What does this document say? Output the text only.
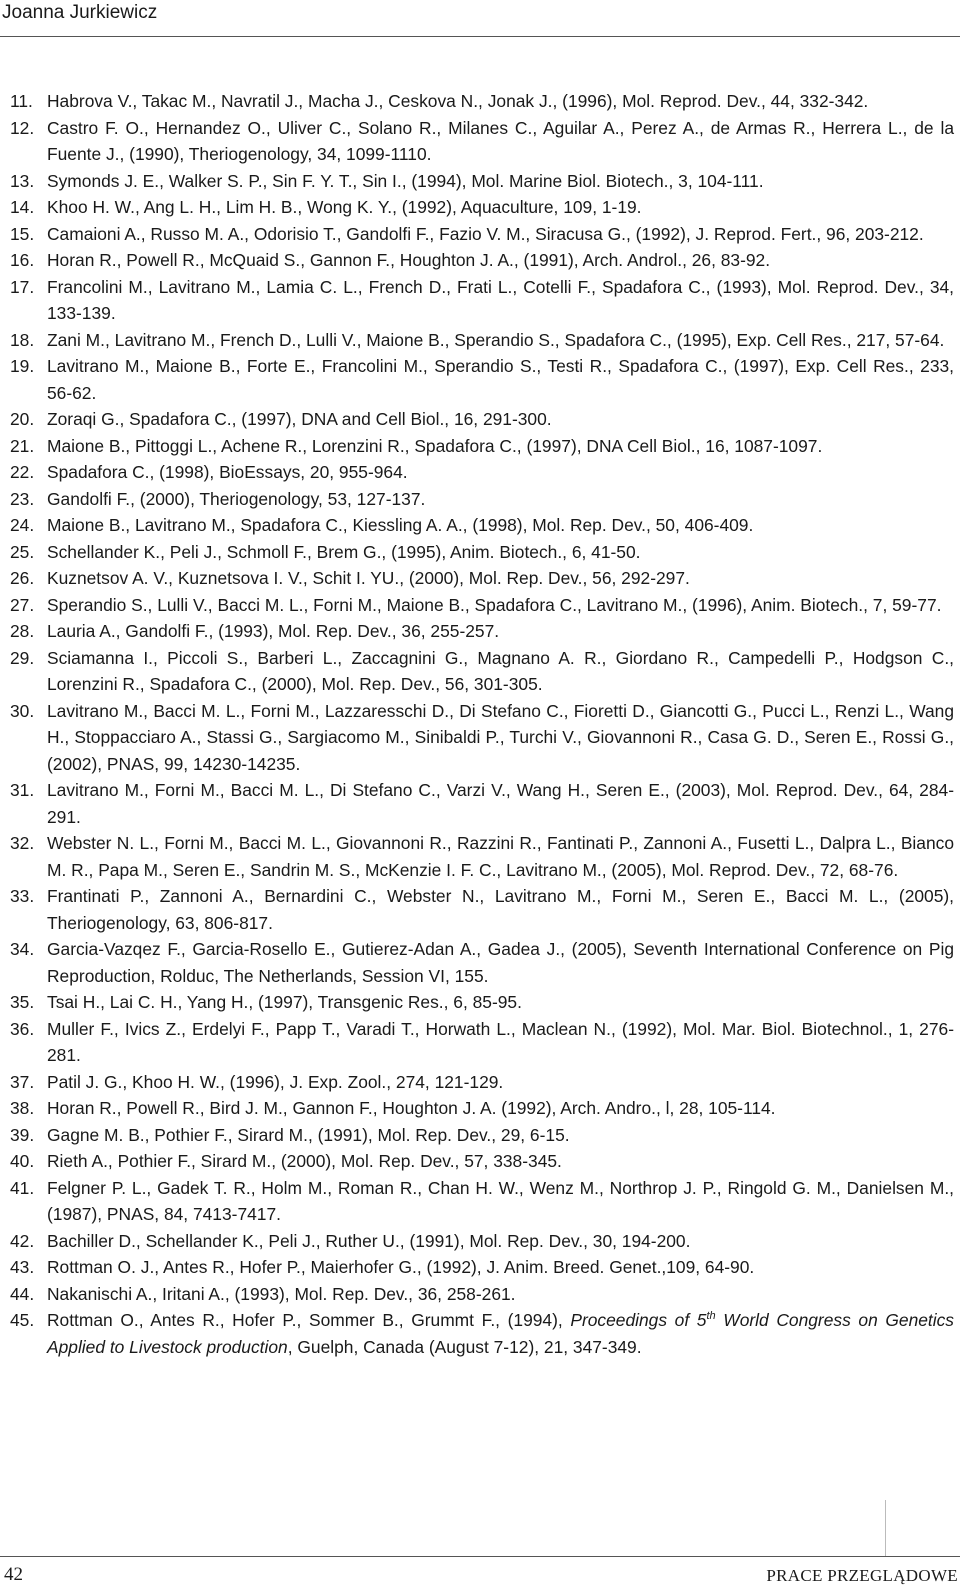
Joanna Jurkiewicz
11. Habrova V., Takac M., Navratil J., Macha J., Ceskova N., Jonak J., (1996), Mol. Reprod. Dev., 44, 332-342.
12. Castro F. O., Hernandez O., Uliver C., Solano R., Milanes C., Aguilar A., Perez A., de Armas R., Herrera L., de la Fuente J., (1990), Theriogenology, 34, 1099-1110.
13. Symonds J. E., Walker S. P., Sin F. Y. T., Sin I., (1994), Mol. Marine Biol. Biotech., 3, 104-111.
14. Khoo H. W., Ang L. H., Lim H. B., Wong K. Y., (1992), Aquaculture, 109, 1-19.
15. Camaioni A., Russo M. A., Odorisio T., Gandolfi F., Fazio V. M., Siracusa G., (1992), J. Reprod. Fert., 96, 203-212.
16. Horan R., Powell R., McQuaid S., Gannon F., Houghton J. A., (1991), Arch. Androl., 26, 83-92.
17. Francolini M., Lavitrano M., Lamia C. L., French D., Frati L., Cotelli F., Spadafora C., (1993), Mol. Reprod. Dev., 34, 133-139.
18. Zani M., Lavitrano M., French D., Lulli V., Maione B., Sperandio S., Spadafora C., (1995), Exp. Cell Res., 217, 57-64.
19. Lavitrano M., Maione B., Forte E., Francolini M., Sperandio S., Testi R., Spadafora C., (1997), Exp. Cell Res., 233, 56-62.
20. Zoraqi G., Spadafora C., (1997), DNA and Cell Biol., 16, 291-300.
21. Maione B., Pittoggi L., Achene R., Lorenzini R., Spadafora C., (1997), DNA Cell Biol., 16, 1087-1097.
22. Spadafora C., (1998), BioEssays, 20, 955-964.
23. Gandolfi F., (2000), Theriogenology, 53, 127-137.
24. Maione B., Lavitrano M., Spadafora C., Kiessling A. A., (1998), Mol. Rep. Dev., 50, 406-409.
25. Schellander K., Peli J., Schmoll F., Brem G., (1995), Anim. Biotech., 6, 41-50.
26. Kuznetsov A. V., Kuznetsova I. V., Schit I. YU., (2000), Mol. Rep. Dev., 56, 292-297.
27. Sperandio S., Lulli V., Bacci M. L., Forni M., Maione B., Spadafora C., Lavitrano M., (1996), Anim. Biotech., 7, 59-77.
28. Lauria A., Gandolfi F., (1993), Mol. Rep. Dev., 36, 255-257.
29. Sciamanna I., Piccoli S., Barberi L., Zaccagnini G., Magnano A. R., Giordano R., Campedelli P., Hodgson C., Lorenzini R., Spadafora C., (2000), Mol. Rep. Dev., 56, 301-305.
30. Lavitrano M., Bacci M. L., Forni M., Lazzaresschi D., Di Stefano C., Fioretti D., Giancotti G., Pucci L., Renzi L., Wang H., Stoppacciaro A., Stassi G., Sargiacomo M., Sinibaldi P., Turchi V., Giovannoni R., Casa G. D., Seren E., Rossi G., (2002), PNAS, 99, 14230-14235.
31. Lavitrano M., Forni M., Bacci M. L., Di Stefano C., Varzi V., Wang H., Seren E., (2003), Mol. Reprod. Dev., 64, 284-291.
32. Webster N. L., Forni M., Bacci M. L., Giovannoni R., Razzini R., Fantinati P., Zannoni A., Fusetti L., Dalpra L., Bianco M. R., Papa M., Seren E., Sandrin M. S., McKenzie I. F. C., Lavitrano M., (2005), Mol. Reprod. Dev., 72, 68-76.
33. Frantinati P., Zannoni A., Bernardini C., Webster N., Lavitrano M., Forni M., Seren E., Bacci M. L., (2005), Theriogenology, 63, 806-817.
34. Garcia-Vazqez F., Garcia-Rosello E., Gutierez-Adan A., Gadea J., (2005), Seventh International Conference on Pig Reproduction, Rolduc, The Netherlands, Session VI, 155.
35. Tsai H., Lai C. H., Yang H., (1997), Transgenic Res., 6, 85-95.
36. Muller F., Ivics Z., Erdelyi F., Papp T., Varadi T., Horwath L., Maclean N., (1992), Mol. Mar. Biol. Biotechnol., 1, 276-281.
37. Patil J. G., Khoo H. W., (1996), J. Exp. Zool., 274, 121-129.
38. Horan R., Powell R., Bird J. M., Gannon F., Houghton J. A. (1992), Arch. Andro., l, 28, 105-114.
39. Gagne M. B., Pothier F., Sirard M., (1991), Mol. Rep. Dev., 29, 6-15.
40. Rieth A., Pothier F., Sirard M., (2000), Mol. Rep. Dev., 57, 338-345.
41. Felgner P. L., Gadek T. R., Holm M., Roman R., Chan H. W., Wenz M., Northrop J. P., Ringold G. M., Danielsen M., (1987), PNAS, 84, 7413-7417.
42. Bachiller D., Schellander K., Peli J., Ruther U., (1991), Mol. Rep. Dev., 30, 194-200.
43. Rottman O. J., Antes R., Hofer P., Maierhofer G., (1992), J. Anim. Breed. Genet.,109, 64-90.
44. Nakanischi A., Iritani A., (1993), Mol. Rep. Dev., 36, 258-261.
45. Rottman O., Antes R., Hofer P., Sommer B., Grummt F., (1994), Proceedings of 5th World Congress on Genetics Applied to Livestock production, Guelph, Canada (August 7-12), 21, 347-349.
42	PRACE PRZEGLĄDOWE
